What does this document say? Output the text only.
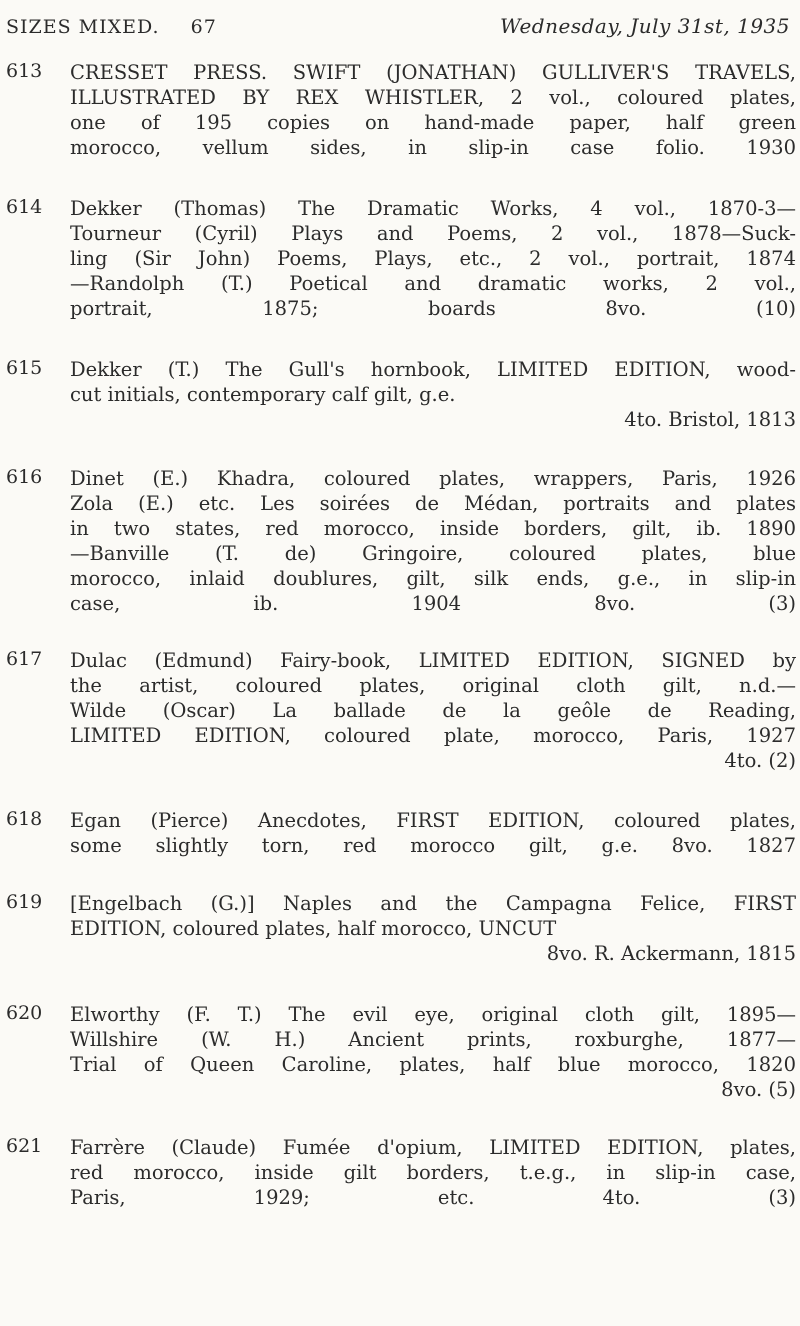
SIZES MIXED. 67	Wednesday, July 31st, 1935
613	CRESSET PRESS. SWIFT (JONATHAN) GULLIVER'S TRAVELS,
ILLUSTRATED BY REX WHISTLER, 2 vol., coloured plates,
one of 195 copies on hand-made paper, half green
morocco, vellum sides, in slip-in case folio. 1930
614	Dekker (Thomas) The Dramatic Works, 4 vol., 1870-3—
Tourneur (Cyril) Plays and Poems, 2 vol., 1878—Suck-
ling (Sir John) Poems, Plays, etc., 2 vol., portrait, 1874
—Randolph (T.) Poetical and dramatic works, 2 vol.,
portrait, 1875; boards 8vo. (10)
615	Dekker (T.) The Gull's hornbook, LIMITED EDITION, wood-
cut initials, contemporary calf gilt, g.e.
4to. Bristol, 1813
616	Dinet (E.) Khadra, coloured plates, wrappers, Paris, 1926
Zola (E.) etc. Les soirées de Médan, portraits and plates
in two states, red morocco, inside borders, gilt, ib. 1890
—Banville (T. de) Gringoire, coloured plates, blue
morocco, inlaid doublures, gilt, silk ends, g.e., in slip-in
case, ib. 1904 8vo. (3)
617	Dulac (Edmund) Fairy-book, LIMITED EDITION, SIGNED by
the artist, coloured plates, original cloth gilt, n.d.—
Wilde (Oscar) La ballade de la geôle de Reading,
LIMITED EDITION, coloured plate, morocco, Paris, 1927
4to. (2)
618	Egan (Pierce) Anecdotes, FIRST EDITION, coloured plates,
some slightly torn, red morocco gilt, g.e. 8vo. 1827
619	[Engelbach (G.)] Naples and the Campagna Felice, FIRST
EDITION, coloured plates, half morocco, UNCUT
8vo. R. Ackermann, 1815
620	Elworthy (F. T.) The evil eye, original cloth gilt, 1895—
Willshire (W. H.) Ancient prints, roxburghe, 1877—
Trial of Queen Caroline, plates, half blue morocco, 1820
8vo. (5)
621	Farrère (Claude) Fumée d'opium, LIMITED EDITION, plates,
red morocco, inside gilt borders, t.e.g., in slip-in case,
Paris, 1929; etc. 4to. (3)
